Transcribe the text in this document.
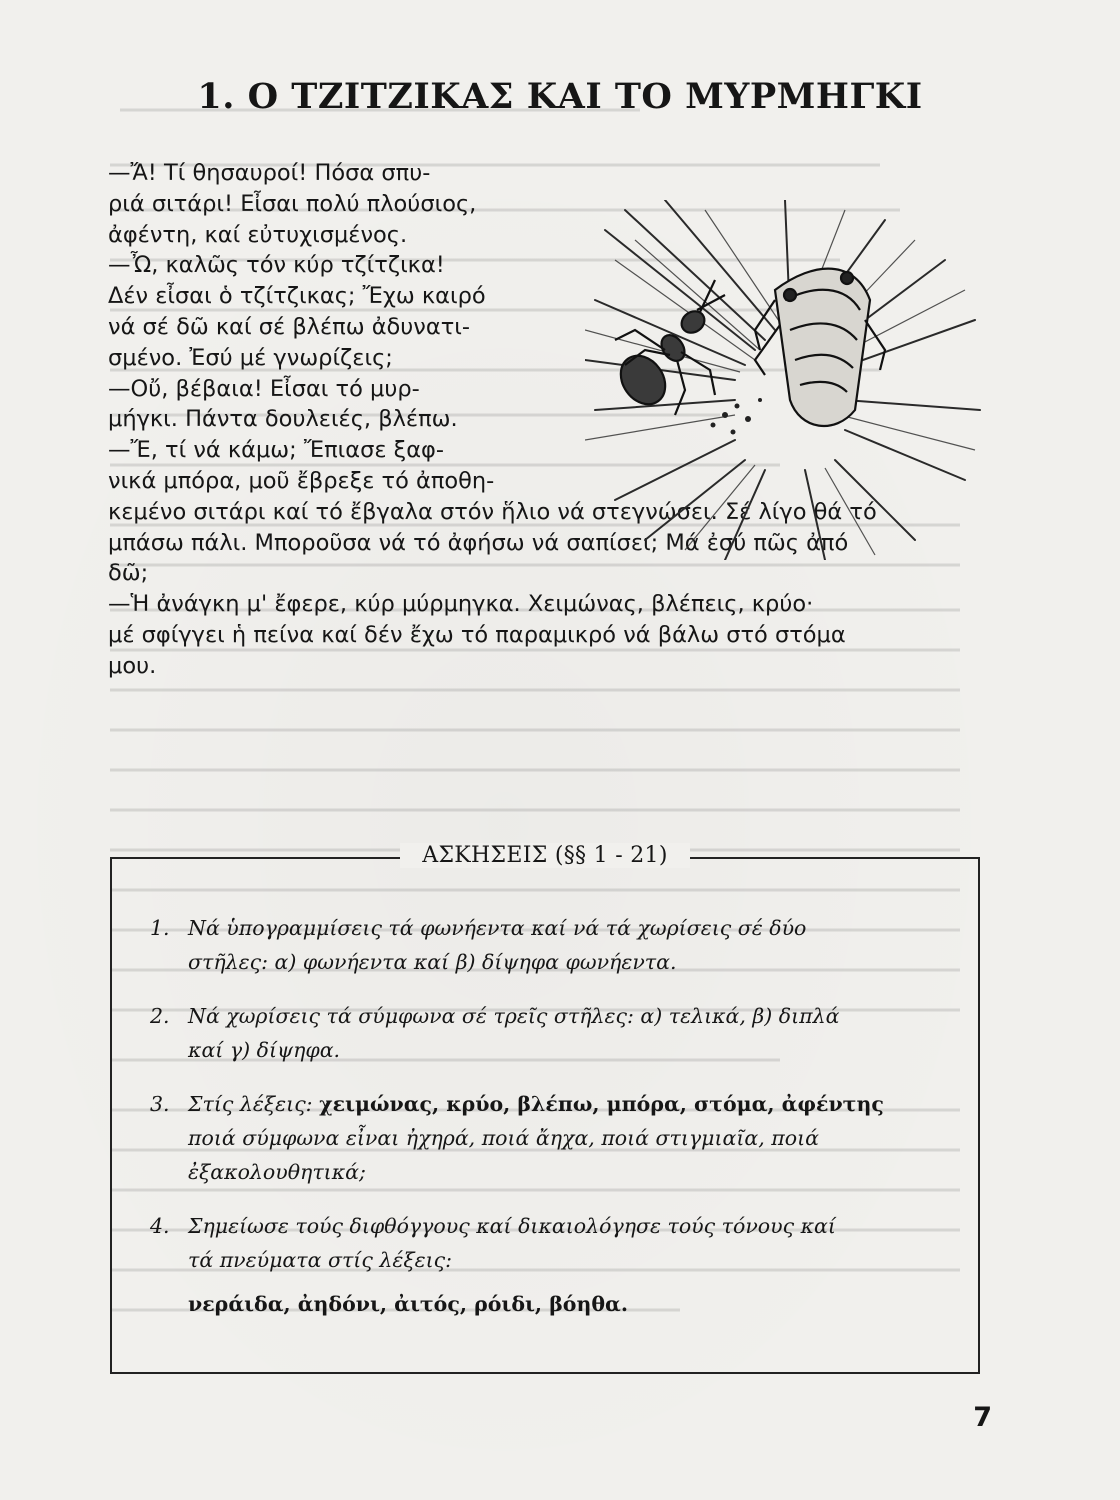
1. Ο ΤΖΙΤΖΙΚΑΣ ΚΑΙ ΤΟ ΜΥΡΜΗΓΚΙ

—Ἄ! Τί θησαυροί! Πόσα σπυ-

ριά σιτάρι! Εἶσαι πολύ πλούσιος,

ἀφέντη, καί εὐτυχισμένος.

—Ὦ, καλῶς τόν κύρ τζίτζικα!

Δέν εἶσαι ὁ τζίτζικας; Ἔχω καιρό

νά σέ δῶ καί σέ βλέπω ἀδυνατι-

σμένο. Ἐσύ μέ γνωρίζεις;

—Οὔ, βέβαια! Εἶσαι τό μυρ-

μήγκι. Πάντα δουλειές, βλέπω.

—Ἔ, τί νά κάμω; Ἔπιασε ξαφ-

νικά μπόρα, μοῦ ἔβρεξε τό ἀποθη-

κεμένο σιτάρι καί τό ἔβγαλα στόν ἥλιο νά στεγνώσει. Σέ λίγο θά τό

μπάσω πάλι. Μποροῦσα νά τό ἀφήσω νά σαπίσει; Μά ἐσύ πῶς ἀπό

δῶ;

—Ἡ ἀνάγκη μ' ἔφερε, κύρ μύρμηγκα. Χειμώνας, βλέπεις, κρύο·

μέ σφίγγει ἡ πείνα καί δέν ἔχω τό παραμικρό νά βάλω στό στόμα

μου.

ΑΣΚΗΣΕΙΣ (§§ 1 - 21)
1. Νά ὑπογραμμίσεις τά φωνήεντα καί νά τά χωρίσεις σέ δύο
στῆλες: α) φωνήεντα καί β) δίψηφα φωνήεντα.
2. Νά χωρίσεις τά σύμφωνα σέ τρεῖς στῆλες: α) τελικά, β) διπλά
καί γ) δίψηφα.
3. Στίς λέξεις: χειμώνας, κρύο, βλέπω, μπόρα, στόμα, ἀφέντης
ποιά σύμφωνα εἶναι ἠχηρά, ποιά ἄηχα, ποιά στιγμιαῖα, ποιά
ἐξακολουθητικά;
4. Σημείωσε τούς διφθόγγους καί δικαιολόγησε τούς τόνους καί
τά πνεύματα στίς λέξεις:
νεράιδα, ἀηδόνι, ἀιτός, ρόιδι, βόηθα.
7
